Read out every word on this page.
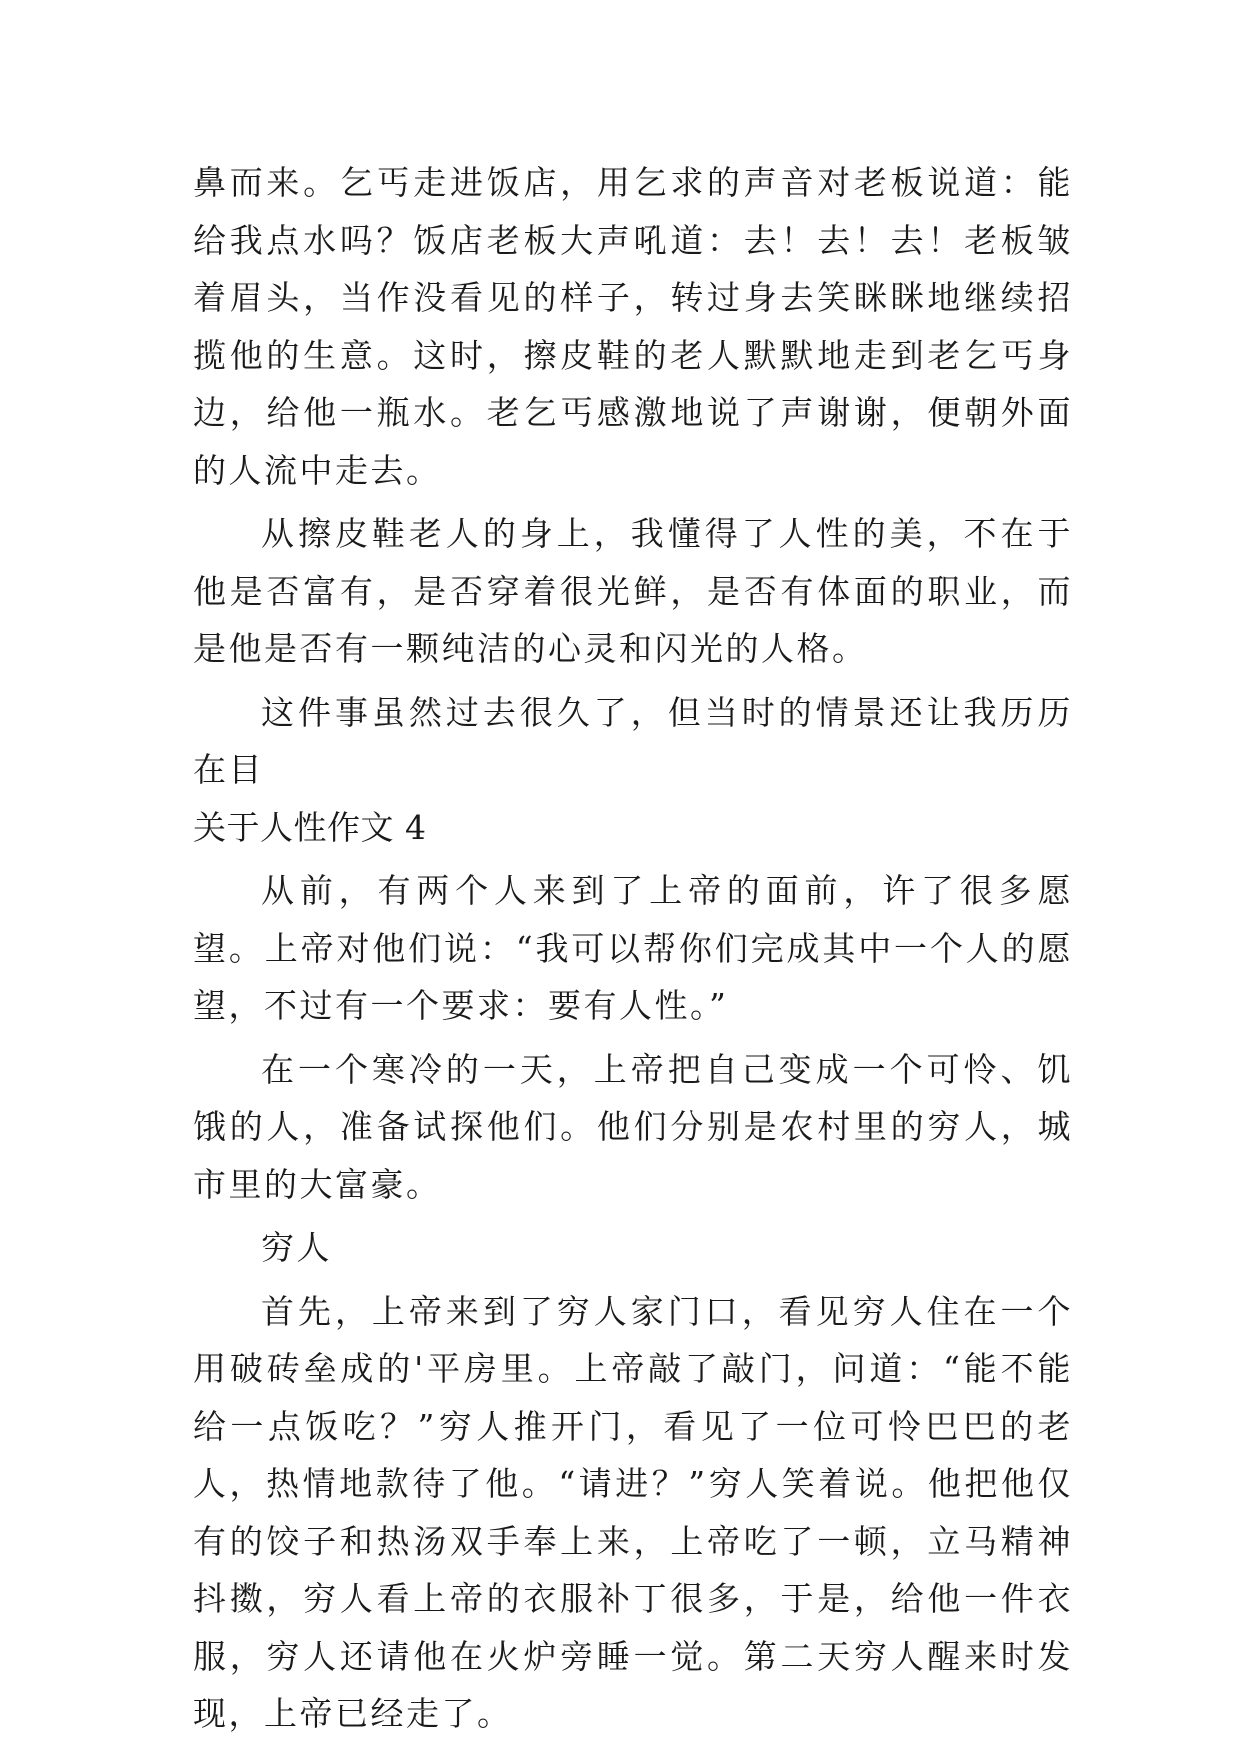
鼻而来。乞丐走进饭店，用乞求的声音对老板说道：能给我点水吗？饭店老板大声吼道：去！去！去！老板皱着眉头，当作没看见的样子，转过身去笑眯眯地继续招揽他的生意。这时，擦皮鞋的老人默默地走到老乞丐身边，给他一瓶水。老乞丐感激地说了声谢谢，便朝外面的人流中走去。

从擦皮鞋老人的身上，我懂得了人性的美，不在于他是否富有，是否穿着很光鲜，是否有体面的职业，而是他是否有一颗纯洁的心灵和闪光的人格。

这件事虽然过去很久了，但当时的情景还让我历历在目

关于人性作文 4

从前，有两个人来到了上帝的面前，许了很多愿望。上帝对他们说：“我可以帮你们完成其中一个人的愿望，不过有一个要求：要有人性。”

在一个寒冷的一天，上帝把自己变成一个可怜、饥饿的人，准备试探他们。他们分别是农村里的穷人，城市里的大富豪。

穷人

首先，上帝来到了穷人家门口，看见穷人住在一个用破砖垒成的'平房里。上帝敲了敲门，问道：“能不能给一点饭吃？”穷人推开门，看见了一位可怜巴巴的老人，热情地款待了他。“请进？”穷人笑着说。他把他仅有的饺子和热汤双手奉上来，上帝吃了一顿，立马精神抖擞，穷人看上帝的衣服补丁很多，于是，给他一件衣服，穷人还请他在火炉旁睡一觉。第二天穷人醒来时发现，上帝已经走了。
